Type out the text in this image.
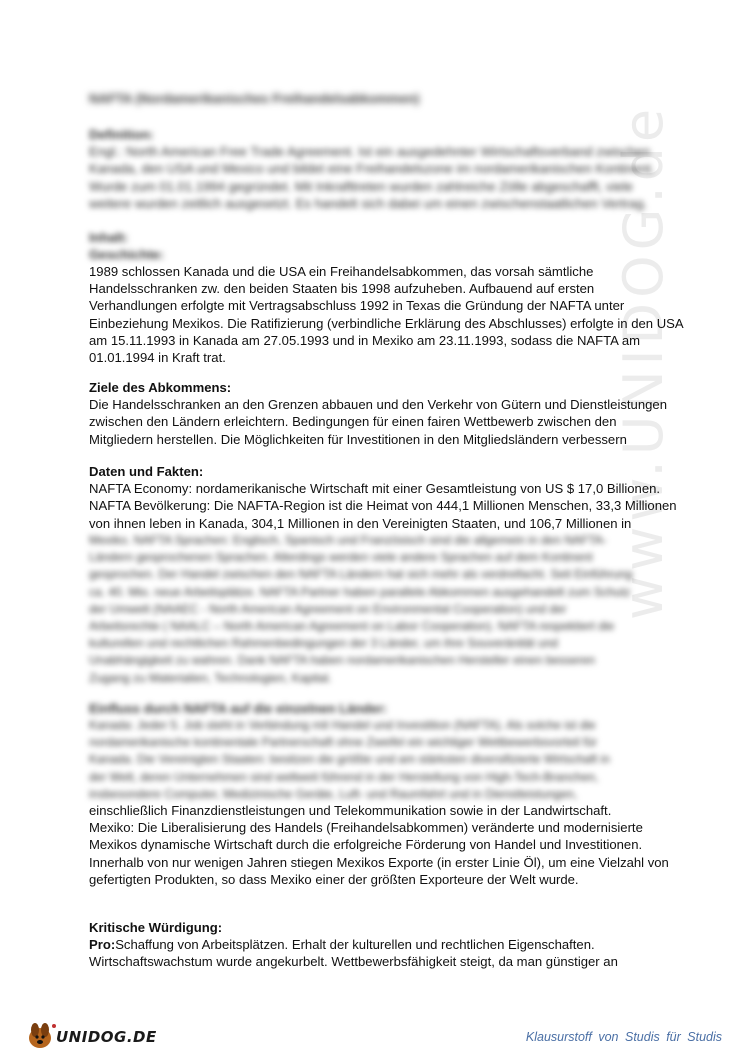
www.UNIDOG.de
NAFTA (Nordamerikanisches Freihandelsabkommen)
Definition:
Engl.: North American Free Trade Agreement. Ist ein ausgedehnter Wirtschaftsverband zwischen
Kanada, den USA und Mexico und bildet eine Freihandelszone im nordamerikanischen Kontinent.
Wurde zum 01.01.1994 gegründet. Mit Inkrafttreten wurden zahlreiche Zölle abgeschafft, viele
weitere wurden zeitlich ausgesetzt. Es handelt sich dabei um einen zwischenstaatlichen Vertrag.
Inhalt:
Geschichte:
1989 schlossen Kanada und die USA ein Freihandelsabkommen, das vorsah sämtliche
Handelsschranken zw. den beiden Staaten bis 1998 aufzuheben. Aufbauend auf ersten
Verhandlungen erfolgte mit Vertragsabschluss 1992 in Texas die Gründung der NAFTA unter
Einbeziehung Mexikos. Die Ratifizierung (verbindliche Erklärung des Abschlusses) erfolgte in den USA
am 15.11.1993 in Kanada am 27.05.1993 und in Mexiko am 23.11.1993, sodass die NAFTA am
01.01.1994 in Kraft trat.
Ziele des Abkommens:
Die Handelsschranken an den Grenzen abbauen und den Verkehr von Gütern und Dienstleistungen
zwischen den Ländern erleichtern. Bedingungen für einen fairen Wettbewerb zwischen den
Mitgliedern herstellen. Die Möglichkeiten für Investitionen in den Mitgliedsländern verbessern
Daten und Fakten:
NAFTA Economy: nordamerikanische Wirtschaft mit einer Gesamtleistung von US $ 17,0 Billionen.
NAFTA Bevölkerung: Die NAFTA-Region ist die Heimat von 444,1 Millionen Menschen, 33,3 Millionen
von ihnen leben in Kanada, 304,1 Millionen in den Vereinigten Staaten, und 106,7 Millionen in
Mexiko. NAFTA Sprachen: Englisch, Spanisch und Französisch sind die allgemein in den NAFTA-
Ländern gesprochenen Sprachen. Allerdings werden viele andere Sprachen auf dem Kontinent
gesprochen. Der Handel zwischen den NAFTA Ländern hat sich mehr als verdreifacht. Seit Einführung
ca. 40. Mio. neue Arbeitsplätze. NAFTA Partner haben parallele Abkommen ausgehandelt zum Schutz
der Umwelt (NAAEC - North American Agreement on Environmental Cooperation) und der
Arbeitsrechte ( NAALC – North American Agreement on Labor Cooperation). NAFTA respektiert die
kulturellen und rechtlichen Rahmenbedingungen der 3 Länder, um ihre Souveränität und
Unabhängigkeit zu wahren. Dank NAFTA haben nordamerikanischen Hersteller einen besseren
Zugang zu Materialien, Technologien, Kapital.
Einfluss durch NAFTA auf die einzelnen Länder:
Kanada: Jeder 5. Job steht in Verbindung mit Handel und Investition (NAFTA). Als solche ist die
nordamerikanische kontinentale Partnerschaft ohne Zweifel ein wichtiger Wettbewerbsvorteil für
Kanada. Die Vereinigten Staaten: besitzen die größte und am stärksten diversifizierte Wirtschaft in
der Welt, deren Unternehmen sind weltweit führend in der Herstellung von High-Tech-Branchen,
insbesondere Computer, Medizinische Geräte, Luft- und Raumfahrt und in Dienstleistungen,
einschließlich Finanzdienstleistungen und Telekommunikation sowie in der Landwirtschaft.
Mexiko: Die Liberalisierung des Handels (Freihandelsabkommen) veränderte und modernisierte
Mexikos dynamische Wirtschaft durch die erfolgreiche Förderung von Handel und Investitionen.
Innerhalb von nur wenigen Jahren stiegen Mexikos Exporte (in erster Linie Öl), um eine Vielzahl von
gefertigten Produkten, so dass Mexiko einer der größten Exporteure der Welt wurde.
Kritische Würdigung:
Pro:Schaffung von Arbeitsplätzen. Erhalt der kulturellen und rechtlichen Eigenschaften.
Wirtschaftswachstum wurde angekurbelt. Wettbewerbsfähigkeit steigt, da man günstiger an
UNIDOG.DE	Klausurstoff von Studis für Studis
